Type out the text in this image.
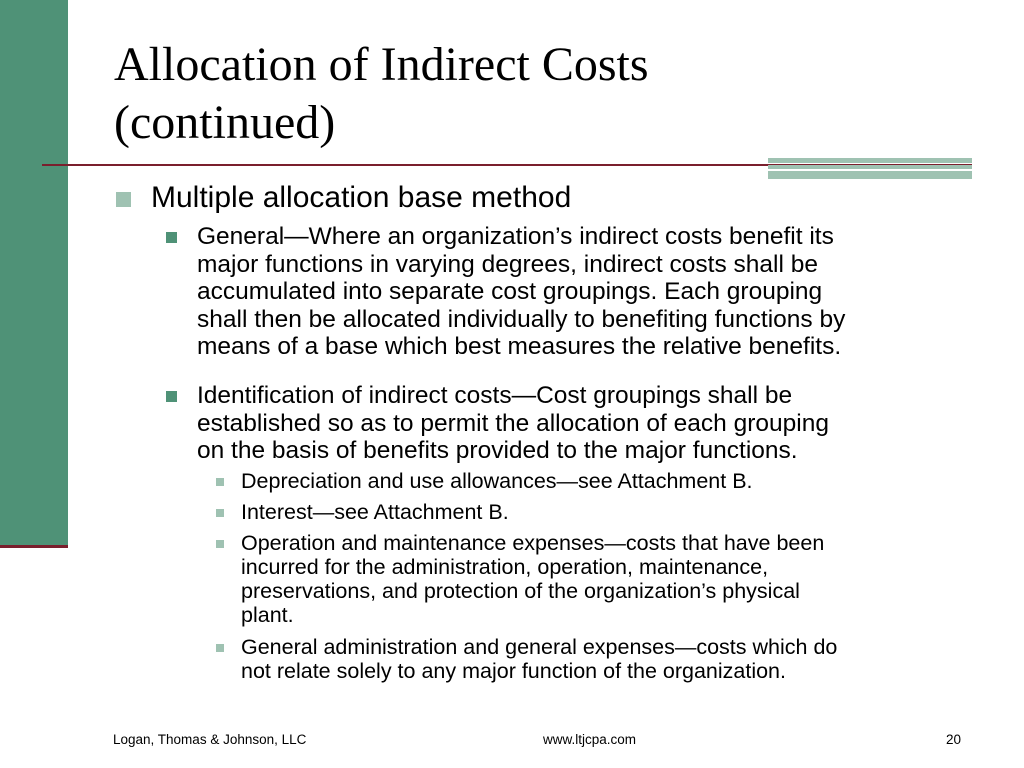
Allocation of Indirect Costs
(continued)
Multiple allocation base method
General—Where an organization’s indirect costs benefit its
major functions in varying degrees, indirect costs shall be
accumulated into separate cost groupings. Each grouping
shall then be allocated individually to benefiting functions by
means of a base which best measures the relative benefits.
Identification of indirect costs—Cost groupings shall be
established so as to permit the allocation of each grouping
on the basis of benefits provided to the major functions.
Depreciation and use allowances—see Attachment B.
Interest—see Attachment B.
Operation and maintenance expenses—costs that have been
incurred for the administration, operation, maintenance,
preservations, and protection of the organization’s physical
plant.
General administration and general expenses—costs which do
not relate solely to any major function of the organization.
Logan, Thomas & Johnson, LLC	www.ltjcpa.com	20
